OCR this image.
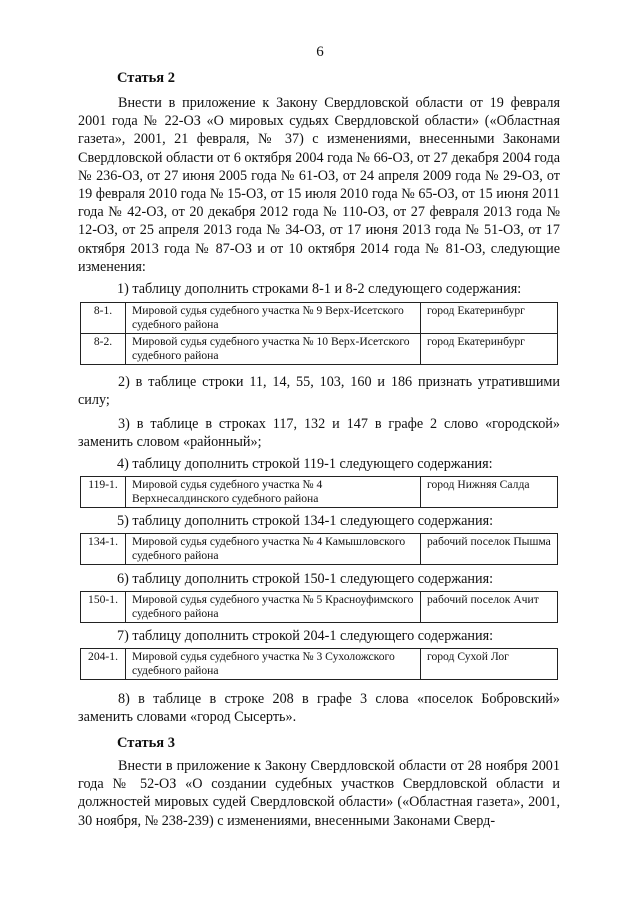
6
Статья 2

Внести в приложение к Закону Свердловской области от 19 февраля 2001 года № 22-ОЗ «О мировых судьях Свердловской области» («Областная газета», 2001, 21 февраля, № 37) с изменениями, внесенными Законами Свердловской области от 6 октября 2004 года № 66-ОЗ, от 27 декабря 2004 года № 236-ОЗ, от 27 июня 2005 года № 61-ОЗ, от 24 апреля 2009 года № 29-ОЗ, от 19 февраля 2010 года № 15-ОЗ, от 15 июля 2010 года № 65-ОЗ, от 15 июня 2011 года № 42-ОЗ, от 20 декабря 2012 года № 110-ОЗ, от 27 февраля 2013 года № 12-ОЗ, от 25 апреля 2013 года № 34-ОЗ, от 17 июня 2013 года № 51-ОЗ, от 17 октября 2013 года № 87-ОЗ и от 10 октября 2014 года № 81-ОЗ, следующие изменения:

1) таблицу дополнить строками 8-1 и 8-2 следующего содержания:
8-1.	Мировой судья судебного участка № 9 Верх-Исетского судебного района	город Екатеринбург
8-2.	Мировой судья судебного участка № 10 Верх-Исетского судебного района	город Екатеринбург

2) в таблице строки 11, 14, 55, 103, 160 и 186 признать утратившими силу;

3) в таблице в строках 117, 132 и 147 в графе 2 слово «городской» заменить словом «районный»;

4) таблицу дополнить строкой 119-1 следующего содержания:
119-1.	Мировой судья судебного участка № 4 Верхнесалдинского судебного района	город Нижняя Салда
5) таблицу дополнить строкой 134-1 следующего содержания:
134-1.	Мировой судья судебного участка № 4 Камышловского судебного района	рабочий поселок Пышма
6) таблицу дополнить строкой 150-1 следующего содержания:
150-1.	Мировой судья судебного участка № 5 Красноуфимского судебного района	рабочий поселок Ачит
7) таблицу дополнить строкой 204-1 следующего содержания:
204-1.	Мировой судья судебного участка № 3 Сухоложского судебного района	город Сухой Лог

8) в таблице в строке 208 в графе 3 слова «поселок Бобровский» заменить словами «город Сысерть».

Статья 3

Внести в приложение к Закону Свердловской области от 28 ноября 2001 года № 52-ОЗ «О создании судебных участков Свердловской области и должностей мировых судей Свердловской области» («Областная газета», 2001, 30 ноября, № 238-239) с изменениями, внесенными Законами Сверд-
